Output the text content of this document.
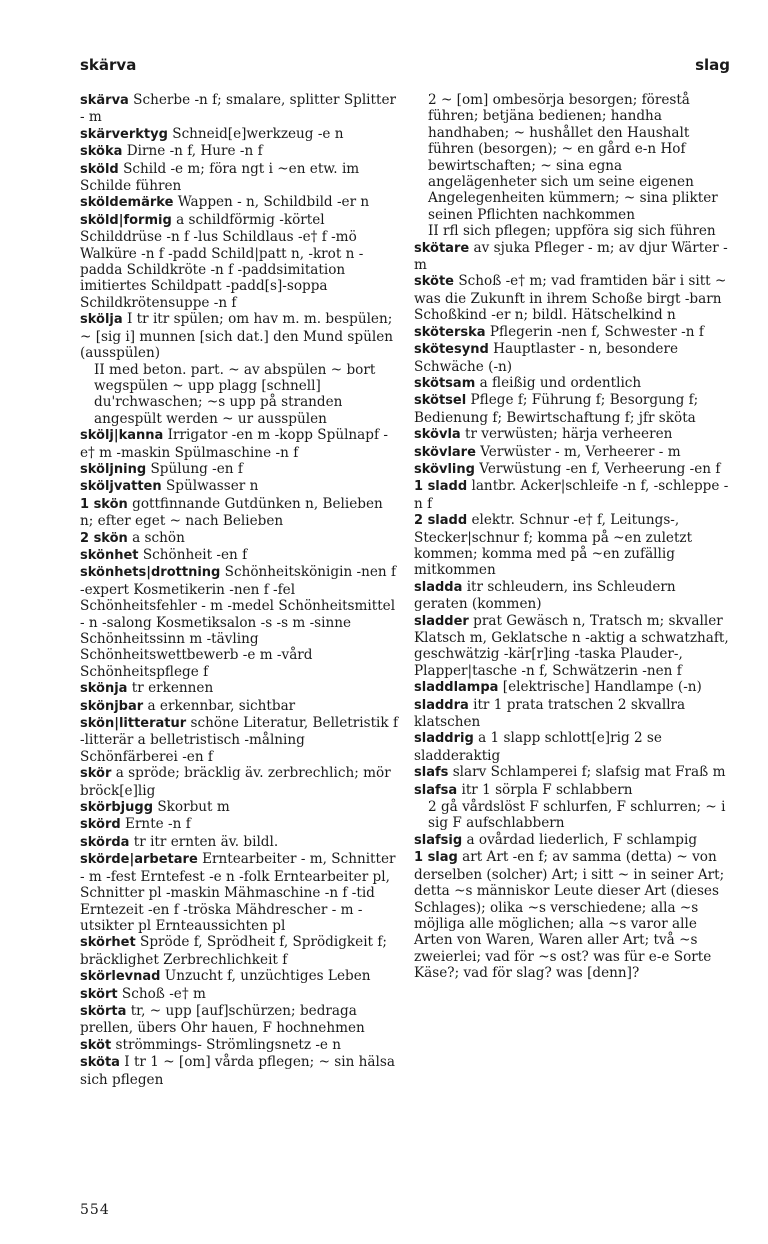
skärva	slag

skärva Scherbe -n f; smalare, splitter Splitter - m

skärverktyg Schneid[e]werkzeug -e n

sköka Dirne -n f, Hure -n f

sköld Schild -e m; föra ngt i ~en etw. im Schilde führen

sköldemärke Wappen - n, Schildbild -er n

sköld|formig a schildförmig -körtel Schilddrüse -n f -lus Schildlaus -e† f -mö Walküre -n f -padd Schild|patt n, -krot n -padda Schildkröte -n f -paddsimitation imitiertes Schildpatt -padd[s]-soppa Schildkrötensuppe -n f

skölja I tr itr spülen; om hav m. m. bespülen; ~ [sig i] munnen [sich dat.] den Mund spülen (ausspülen)

II med beton. part. ~ av abspülen ~ bort wegspülen ~ upp plagg [schnell] du'rchwaschen; ~s upp på stranden angespült werden ~ ur ausspülen

skölj|kanna Irrigator -en m -kopp Spülnapf -e† m -maskin Spülmaschine -n f

sköljning Spülung -en f

sköljvatten Spülwasser n

1 skön gottfinnande Gutdünken n, Belieben n; efter eget ~ nach Belieben

2 skön a schön

skönhet Schönheit -en f

skönhets|drottning Schönheitskönigin -nen f -expert Kosmetikerin -nen f -fel Schönheitsfehler - m -medel Schönheitsmittel - n -salong Kosmetiksalon -s -s m -sinne Schönheitssinn m -tävling Schönheitswettbewerb -e m -vård Schönheitspflege f

skönja tr erkennen

skönjbar a erkennbar, sichtbar

skön|litteratur schöne Literatur, Belletristik f -litterär a belletristisch -målning Schönfärberei -en f

skör a spröde; bräcklig äv. zerbrechlich; mör bröck[e]lig

skörbjugg Skorbut m

skörd Ernte -n f

skörda tr itr ernten äv. bildl.

skörde|arbetare Erntearbeiter - m, Schnitter - m -fest Erntefest -e n -folk Erntearbeiter pl, Schnitter pl -maskin Mähmaschine -n f -tid Erntezeit -en f -tröska Mähdrescher - m -utsikter pl Ernteaussichten pl

skörhet Spröde f, Sprödheit f, Sprödigkeit f; bräcklighet Zerbrechlichkeit f

skörlevnad Unzucht f, unzüchtiges Leben

skört Schoß -e† m

skörta tr, ~ upp [auf]schürzen; bedraga prellen, übers Ohr hauen, F hochnehmen

sköt strömmings- Strömlingsnetz -e n

sköta I tr 1 ~ [om] vårda pflegen; ~ sin hälsa sich pflegen

2 ~ [om] ombesörja besorgen; förestå führen; betjäna bedienen; handha handhaben; ~ hushållet den Haushalt führen (besorgen); ~ en gård e-n Hof bewirtschaften; ~ sina egna angelägenheter sich um seine eigenen Angelegenheiten kümmern; ~ sina plikter seinen Pflichten nachkommen

II rfl sich pflegen; uppföra sig sich führen

skötare av sjuka Pfleger - m; av djur Wärter - m

sköte Schoß -e† m; vad framtiden bär i sitt ~ was die Zukunft in ihrem Schoße birgt -barn Schoßkind -er n; bildl. Hätschelkind n

sköterska Pflegerin -nen f, Schwester -n f

skötesynd Hauptlaster - n, besondere Schwäche (-n)

skötsam a fleißig und ordentlich

skötsel Pflege f; Führung f; Besorgung f; Bedienung f; Bewirtschaftung f; jfr sköta

skövla tr verwüsten; härja verheeren

skövlare Verwüster - m, Verheerer - m

skövling Verwüstung -en f, Verheerung -en f

1 sladd lantbr. Acker|schleife -n f, -schleppe -n f

2 sladd elektr. Schnur -e† f, Leitungs-, Stecker|schnur f; komma på ~en zuletzt kommen; komma med på ~en zufällig mitkommen

sladda itr schleudern, ins Schleudern geraten (kommen)

sladder prat Gewäsch n, Tratsch m; skvaller Klatsch m, Geklatsche n -aktig a schwatzhaft, geschwätzig -kär[r]ing -taska Plauder-, Plapper|tasche -n f, Schwätzerin -nen f

sladdlampa [elektrische] Handlampe (-n)

sladdra itr 1 prata tratschen 2 skvallra klatschen

sladdrig a 1 slapp schlott[e]rig 2 se sladderaktig

slafs slarv Schlamperei f; slafsig mat Fraß m

slafsa itr 1 sörpla F schlabbern

2 gå vårdslöst F schlurfen, F schlurren; ~ i sig F aufschlabbern

slafsig a ovårdad liederlich, F schlampig

1 slag art Art -en f; av samma (detta) ~ von derselben (solcher) Art; i sitt ~ in seiner Art; detta ~s människor Leute dieser Art (dieses Schlages); olika ~s verschiedene; alla ~s möjliga alle möglichen; alla ~s varor alle Arten von Waren, Waren aller Art; två ~s zweierlei; vad för ~s ost? was für e-e Sorte Käse?; vad för slag? was [denn]?

554
